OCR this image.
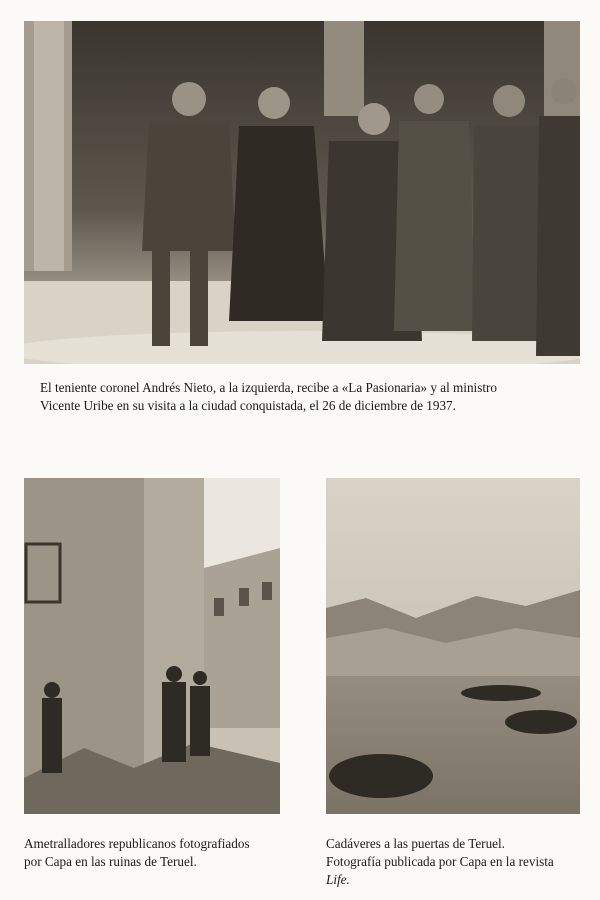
El teniente coronel Andrés Nieto, a la izquierda, recibe a «La Pasionaria» y al ministro
Vicente Uribe en su visita a la ciudad conquistada, el 26 de diciembre de 1937.

Ametralladores republicanos fotografiados
por Capa en las ruinas de Teruel.

Cadáveres a las puertas de Teruel.
Fotografía publicada por Capa en la revista
Life.
